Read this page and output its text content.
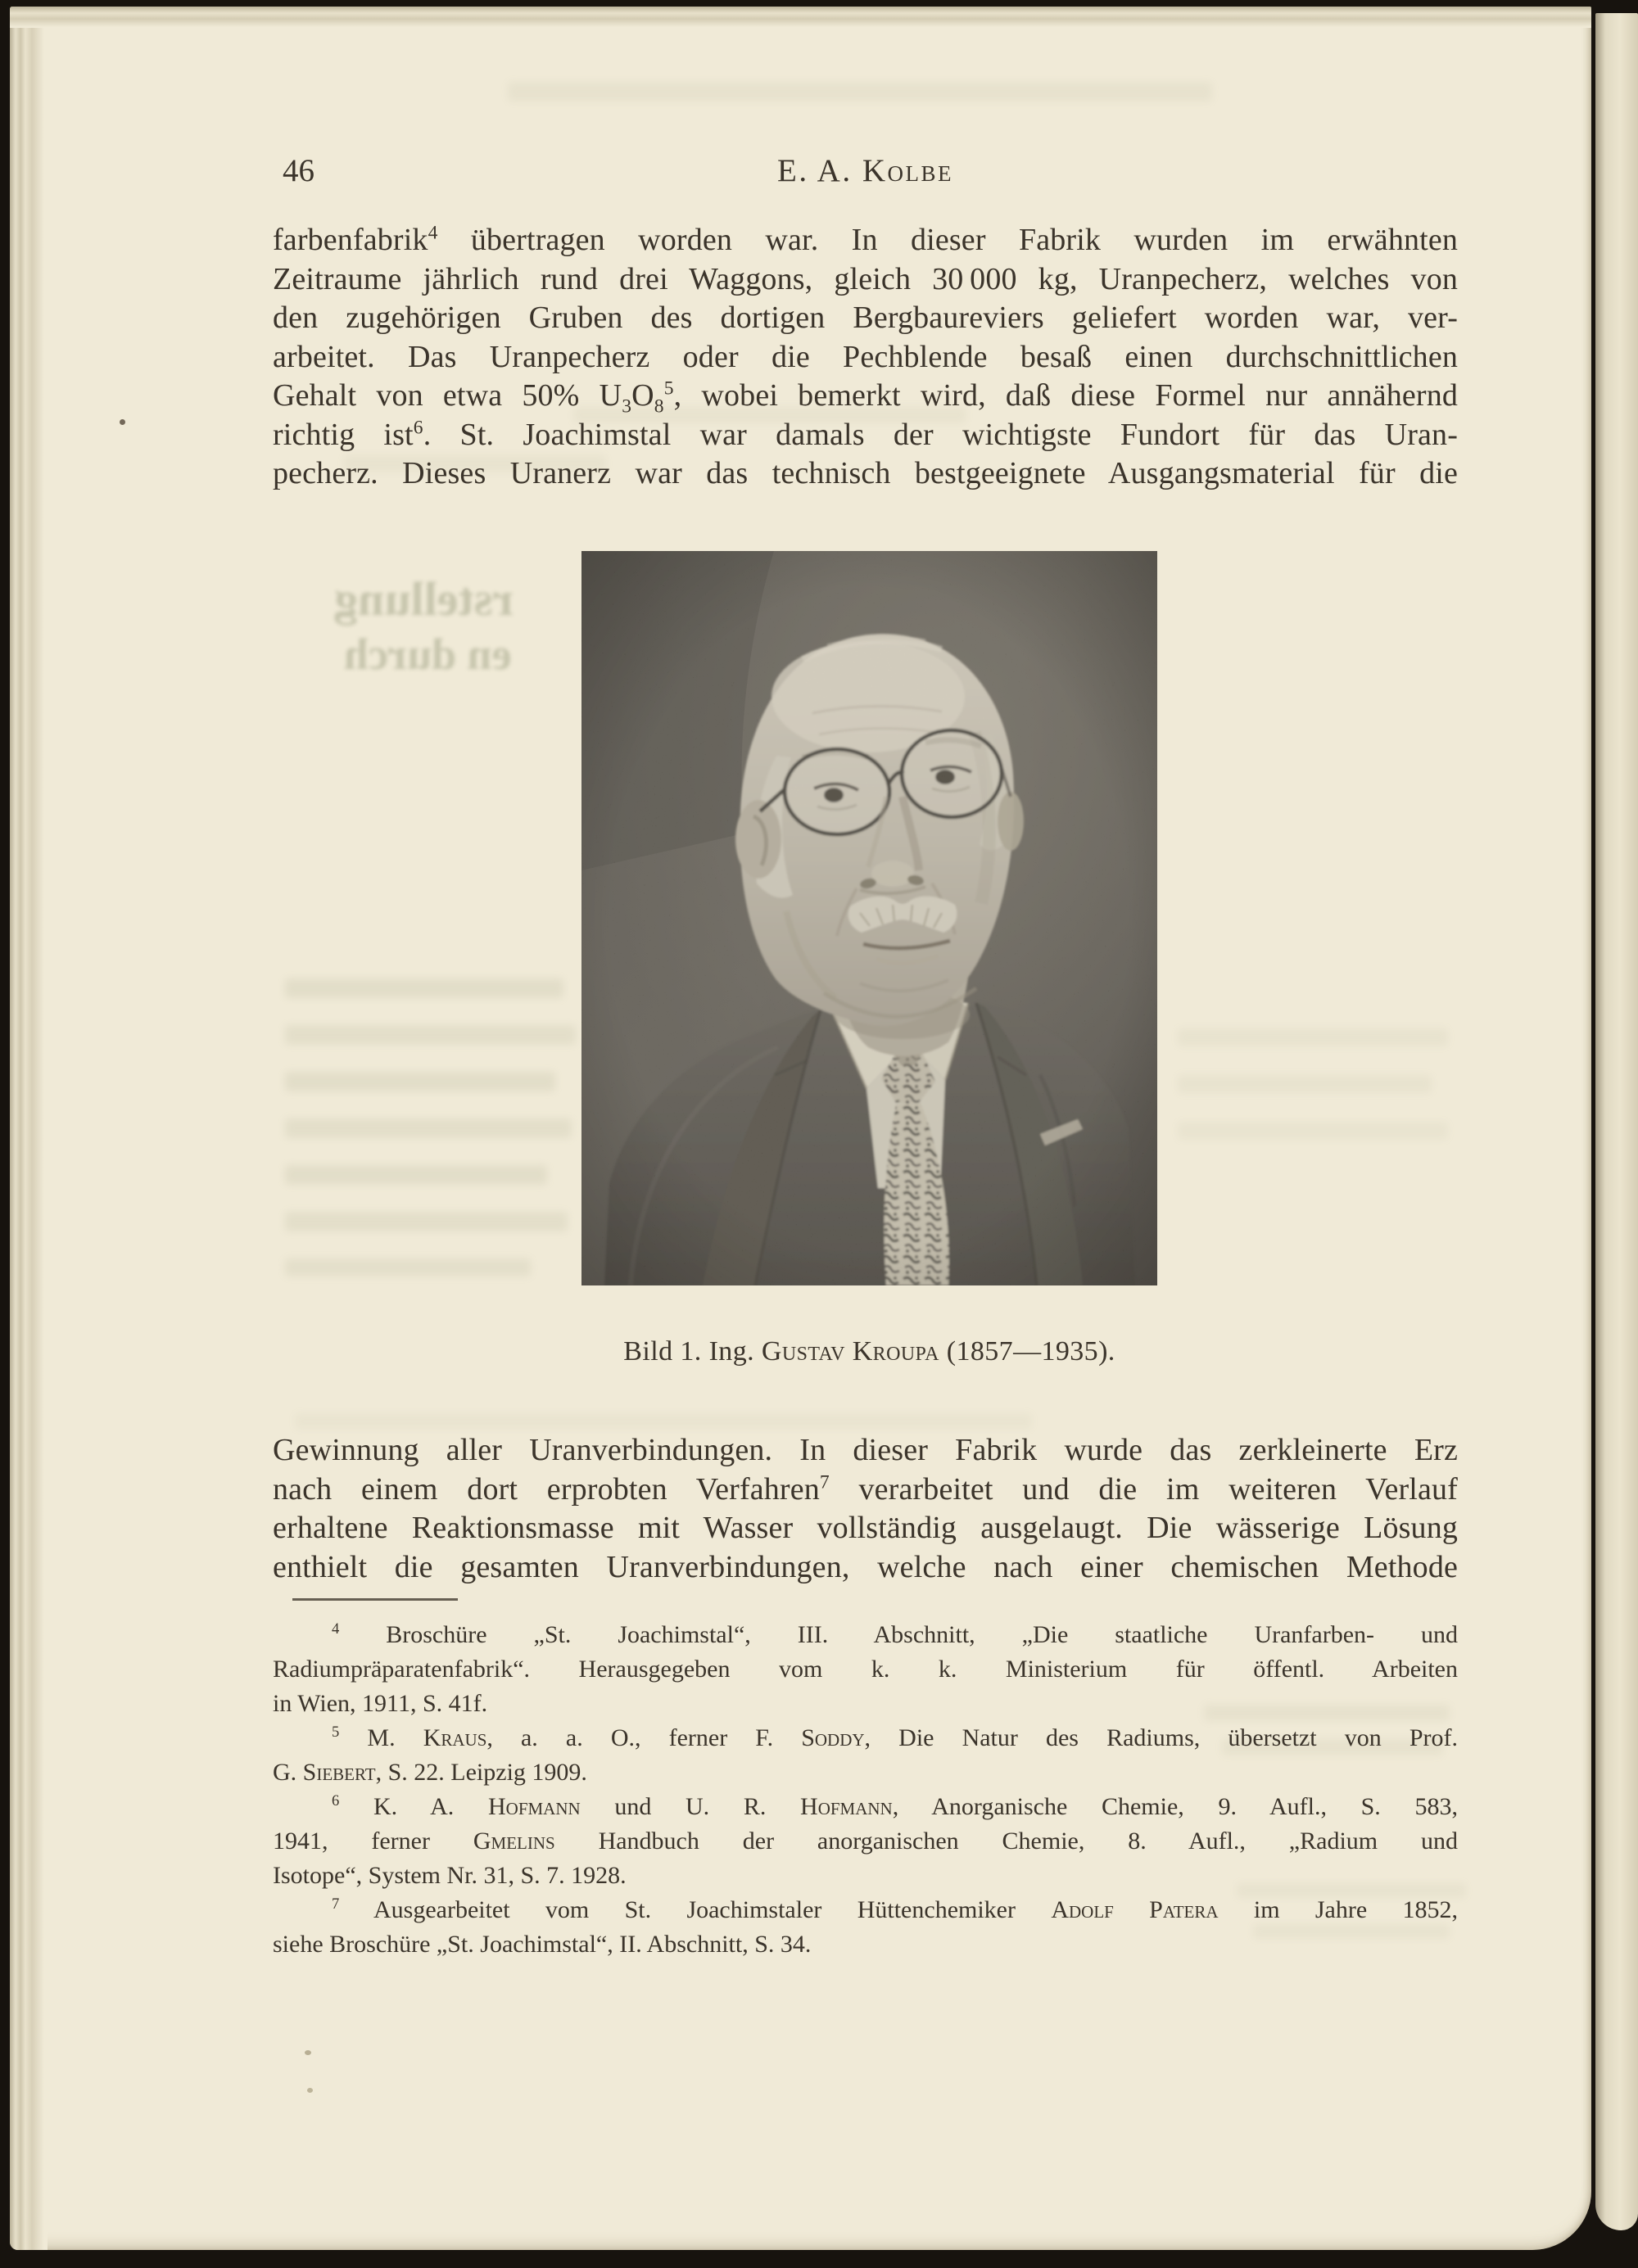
rstellung
en durch
46	E. A. Kolbe
farbenfabrik$^4$ übertragen worden war. In dieser Fabrik wurden im erwähnten
Zeitraume jährlich rund drei Waggons, gleich 30 000 kg, Uranpecherz, welches von
den zugehörigen Gruben des dortigen Bergbaureviers geliefert worden war, ver-
arbeitet. Das Uranpecherz oder die Pechblende besaß einen durchschnittlichen
Gehalt von etwa 50% $U_3O_8^5$, wobei bemerkt wird, daß diese Formel nur annähernd
richtig ist$^6$. St. Joachimstal war damals der wichtigste Fundort für das Uran-
pecherz. Dieses Uranerz war das technisch bestgeeignete Ausgangsmaterial für die
Bild 1. Ing. Gustav Kroupa (1857—1935).
Gewinnung aller Uranverbindungen. In dieser Fabrik wurde das zerkleinerte Erz
nach einem dort erprobten Verfahren$^7$ verarbeitet und die im weiteren Verlauf
erhaltene Reaktionsmasse mit Wasser vollständig ausgelaugt. Die wässerige Lösung
enthielt die gesamten Uranverbindungen, welche nach einer chemischen Methode
$^4$ Broschüre „St. Joachimstal“, III. Abschnitt, „Die staatliche Uranfarben- und
Radiumpräparatenfabrik“. Herausgegeben vom k. k. Ministerium für öffentl. Arbeiten
in Wien, 1911, S. 41f.
$^5$ M. Kraus, a. a. O., ferner F. Soddy, Die Natur des Radiums, übersetzt von Prof.
G. Siebert, S. 22. Leipzig 1909.
$^6$ K. A. Hofmann und U. R. Hofmann, Anorganische Chemie, 9. Aufl., S. 583,
1941, ferner Gmelins Handbuch der anorganischen Chemie, 8. Aufl., „Radium und
Isotope“, System Nr. 31, S. 7. 1928.
$^7$ Ausgearbeitet vom St. Joachimstaler Hüttenchemiker Adolf Patera im Jahre 1852,
siehe Broschüre „St. Joachimstal“, II. Abschnitt, S. 34.
